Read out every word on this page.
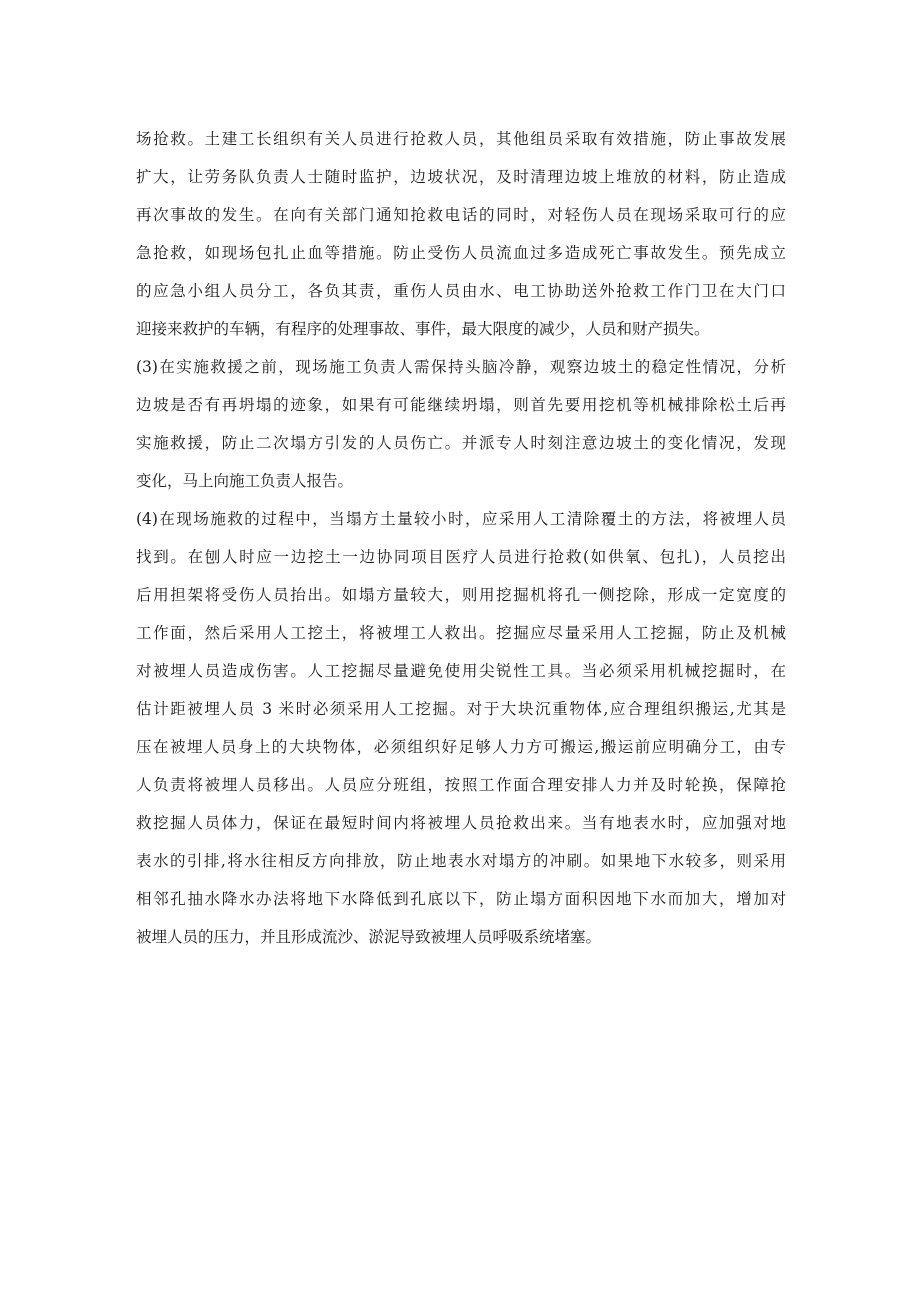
场抢救。土建工长组织有关人员进行抢救人员，其他组员采取有效措施，防止事故发展
扩大，让劳务队负责人士随时监护，边坡状况，及时清理边坡上堆放的材料，防止造成
再次事故的发生。在向有关部门通知抢救电话的同时，对轻伤人员在现场采取可行的应
急抢救，如现场包扎止血等措施。防止受伤人员流血过多造成死亡事故发生。预先成立
的应急小组人员分工，各负其责，重伤人员由水、电工协助送外抢救工作门卫在大门口
迎接来救护的车辆，有程序的处理事故、事件，最大限度的减少，人员和财产损失。
(3)在实施救援之前，现场施工负责人需保持头脑冷静，观察边坡土的稳定性情况，分析
边坡是否有再坍塌的迹象，如果有可能继续坍塌，则首先要用挖机等机械排除松土后再
实施救援，防止二次塌方引发的人员伤亡。并派专人时刻注意边坡土的变化情况，发现
变化，马上向施工负责人报告。
(4)在现场施救的过程中，当塌方土量较小时，应采用人工清除覆土的方法，将被埋人员
找到。在刨人时应一边挖土一边协同项目医疗人员进行抢救(如供氧、包扎)，人员挖出
后用担架将受伤人员抬出。如塌方量较大，则用挖掘机将孔一侧挖除，形成一定宽度的
工作面，然后采用人工挖土，将被埋工人救出。挖掘应尽量采用人工挖掘，防止及机械
对被埋人员造成伤害。人工挖掘尽量避免使用尖锐性工具。当必须采用机械挖掘时，在
估计距被埋人员 3 米时必须采用人工挖掘。对于大块沉重物体,应合理组织搬运,尤其是
压在被埋人员身上的大块物体，必须组织好足够人力方可搬运,搬运前应明确分工，由专
人负责将被埋人员移出。人员应分班组，按照工作面合理安排人力并及时轮换，保障抢
救挖掘人员体力，保证在最短时间内将被埋人员抢救出来。当有地表水时，应加强对地
表水的引排,将水往相反方向排放，防止地表水对塌方的冲刷。如果地下水较多，则采用
相邻孔抽水降水办法将地下水降低到孔底以下，防止塌方面积因地下水而加大，增加对
被埋人员的压力，并且形成流沙、淤泥导致被埋人员呼吸系统堵塞。
